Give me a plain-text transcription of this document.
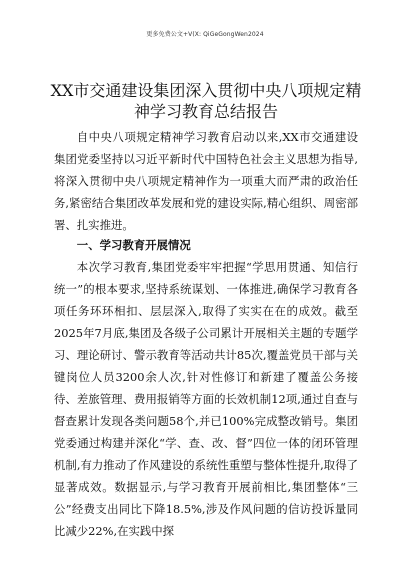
更多免费公文+V(X: QiGeGongWen2024
XX市交通建设集团深入贯彻中央八项规定精神学习教育总结报告

自中央八项规定精神学习教育启动以来,XX市交通建设集团党委坚持以习近平新时代中国特色社会主义思想为指导,将深入贯彻中央八项规定精神作为一项重大而严肃的政治任务,紧密结合集团改革发展和党的建设实际,精心组织、周密部署、扎实推进。

一、学习教育开展情况

本次学习教育,集团党委牢牢把握“学思用贯通、知信行统一”的根本要求,坚持系统谋划、一体推进,确保学习教育各项任务环环相扣、层层深入,取得了实实在在的成效。截至2025年7月底,集团及各级子公司累计开展相关主题的专题学习、理论研讨、警示教育等活动共计85次,覆盖党员干部与关键岗位人员3200余人次,针对性修订和新建了覆盖公务接待、差旅管理、费用报销等方面的长效机制12项,通过自查与督查累计发现各类问题58个,并已100%完成整改销号。集团党委通过构建并深化“学、查、改、督”四位一体的闭环管理机制,有力推动了作风建设的系统性重塑与整体性提升,取得了显著成效。数据显示,与学习教育开展前相比,集团整体“三公”经费支出同比下降18.5%,涉及作风问题的信访投诉量同比减少22%,在实践中探
